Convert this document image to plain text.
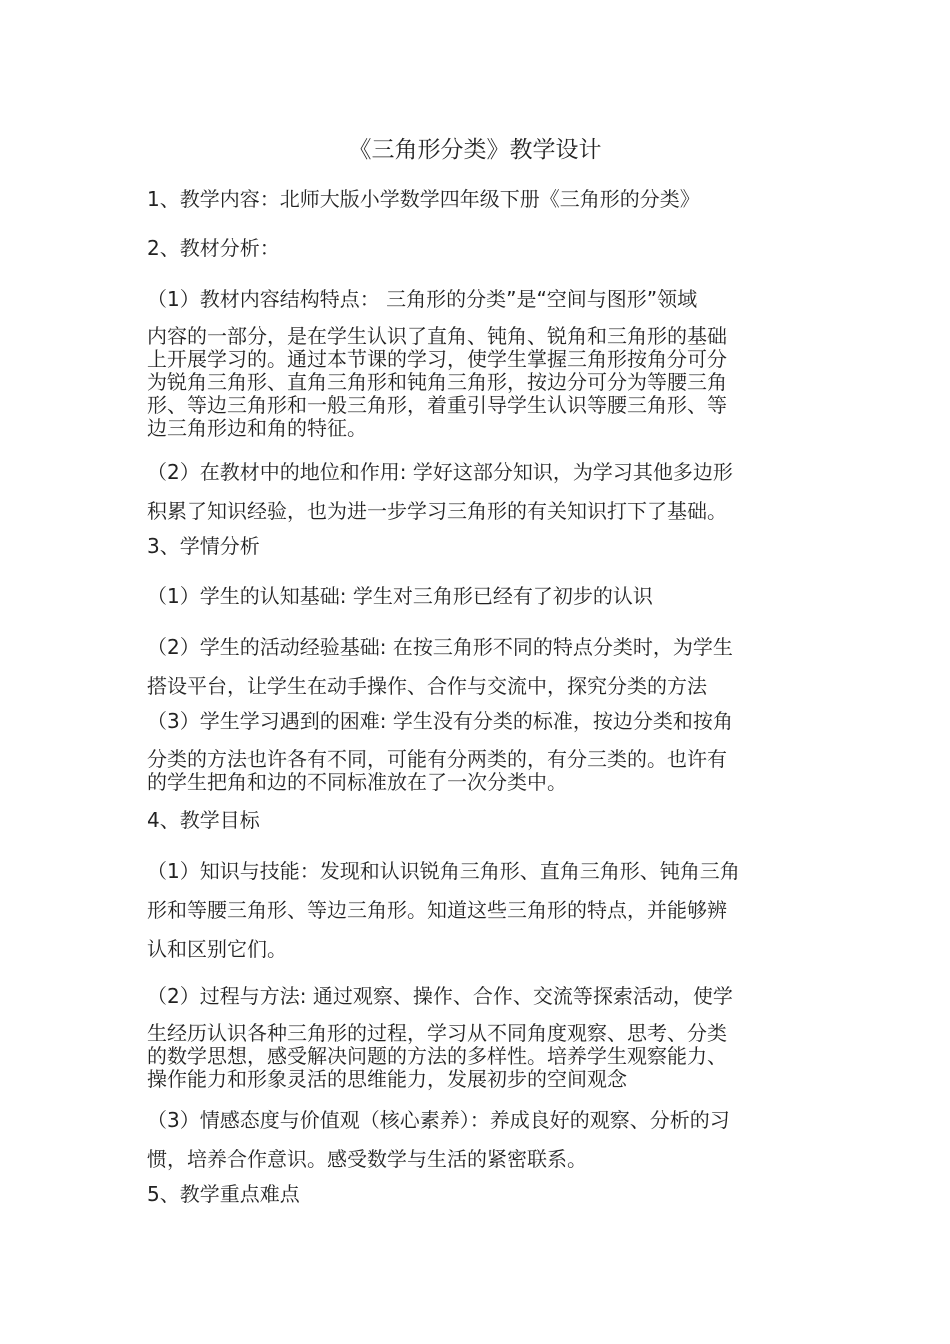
《三角形分类》教学设计

1、教学内容：北师大版小学数学四年级下册《三角形的分类》

2、教材分析：

（1）教材内容结构特点： 三角形的分类”是“空间与图形”领域

内容的一部分，是在学生认识了直角、钝角、锐角和三角形的基础
上开展学习的。通过本节课的学习，使学生掌握三角形按角分可分
为锐角三角形、直角三角形和钝角三角形，按边分可分为等腰三角
形、等边三角形和一般三角形，着重引导学生认识等腰三角形、等
边三角形边和角的特征。

（2）在教材中的地位和作用: 学好这部分知识，为学习其他多边形
积累了知识经验，也为进一步学习三角形的有关知识打下了基础。

3、学情分析

（1）学生的认知基础: 学生对三角形已经有了初步的认识

（2）学生的活动经验基础: 在按三角形不同的特点分类时，为学生
搭设平台，让学生在动手操作、合作与交流中，探究分类的方法

（3）学生学习遇到的困难: 学生没有分类的标准，按边分类和按角

分类的方法也许各有不同，可能有分两类的，有分三类的。也许有
的学生把角和边的不同标准放在了一次分类中。

4、教学目标

（1）知识与技能：发现和认识锐角三角形、直角三角形、钝角三角
形和等腰三角形、等边三角形。知道这些三角形的特点，并能够辨
认和区别它们。

（2）过程与方法: 通过观察、操作、合作、交流等探索活动，使学

生经历认识各种三角形的过程，学习从不同角度观察、思考、分类
的数学思想，感受解决问题的方法的多样性。培养学生观察能力、
操作能力和形象灵活的思维能力，发展初步的空间观念

（3）情感态度与价值观（核心素养）：养成良好的观察、分析的习
惯，培养合作意识。感受数学与生活的紧密联系。

5、教学重点难点
